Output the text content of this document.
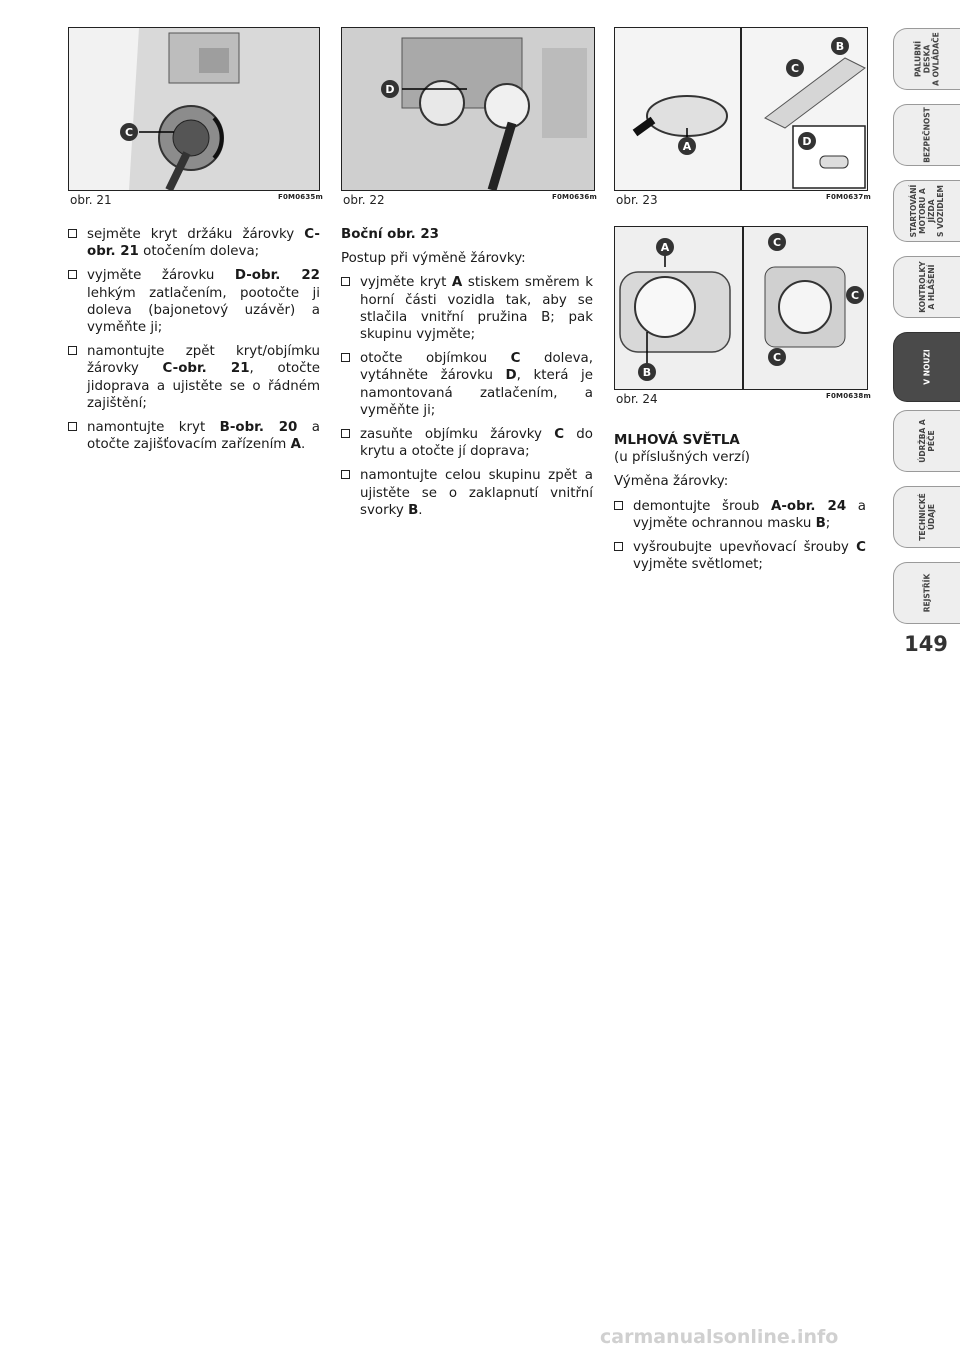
C
obr. 21	F0M0635m
D
obr. 22	F0M0636m
A
C
B
D
obr. 23	F0M0637m
A
B
C
C
C
obr. 24	F0M0638m
sejměte kryt držáku žárovky C-obr. 21 otočením doleva;
vyjměte žárovku D-obr. 22 lehkým zatlačením, pootočte ji doleva (bajonetový uzávěr) a vyměňte ji;
namontujte zpět kryt/objímku žárovky C-obr. 21, otočte jidoprava a ujistěte se o řádném zajištění;
namontujte kryt B-obr. 20 a otočte zajišťovacím zařízením A.

Boční obr. 23

Postup při výměně žárovky:

vyjměte kryt A stiskem směrem k horní části vozidla tak, aby se stlačila vnitřní pružina B; pak skupinu vyjměte;
otočte objímkou C doleva, vytáhněte žárovku D, která je namontovaná zatlačením, a vyměňte ji;
zasuňte objímku žárovky C do krytu a otočte jí doprava;
namontujte celou skupinu zpět a ujistěte se o zaklapnutí vnitřní svorky B.

MLHOVÁ SVĚTLA

(u příslušných verzí)

Výměna žárovky:

demontujte šroub A-obr. 24 a vyjměte ochrannou masku B;
vyšroubujte upevňovací šrouby C vyjměte světlomet;
PALUBNÍ DESKA
A OVLÁDAČE
BEZPEČNOST
STARTOVÁNÍ
MOTORU A JÍZDA
S VOZIDLEM
KONTROLKY
A HLÁŠENÍ
V NOUZI
ÚDRŽBA A PÉČE
TECHNICKÉ
ÚDAJE
REJSTŘÍK
149
carmanualsonline.info
